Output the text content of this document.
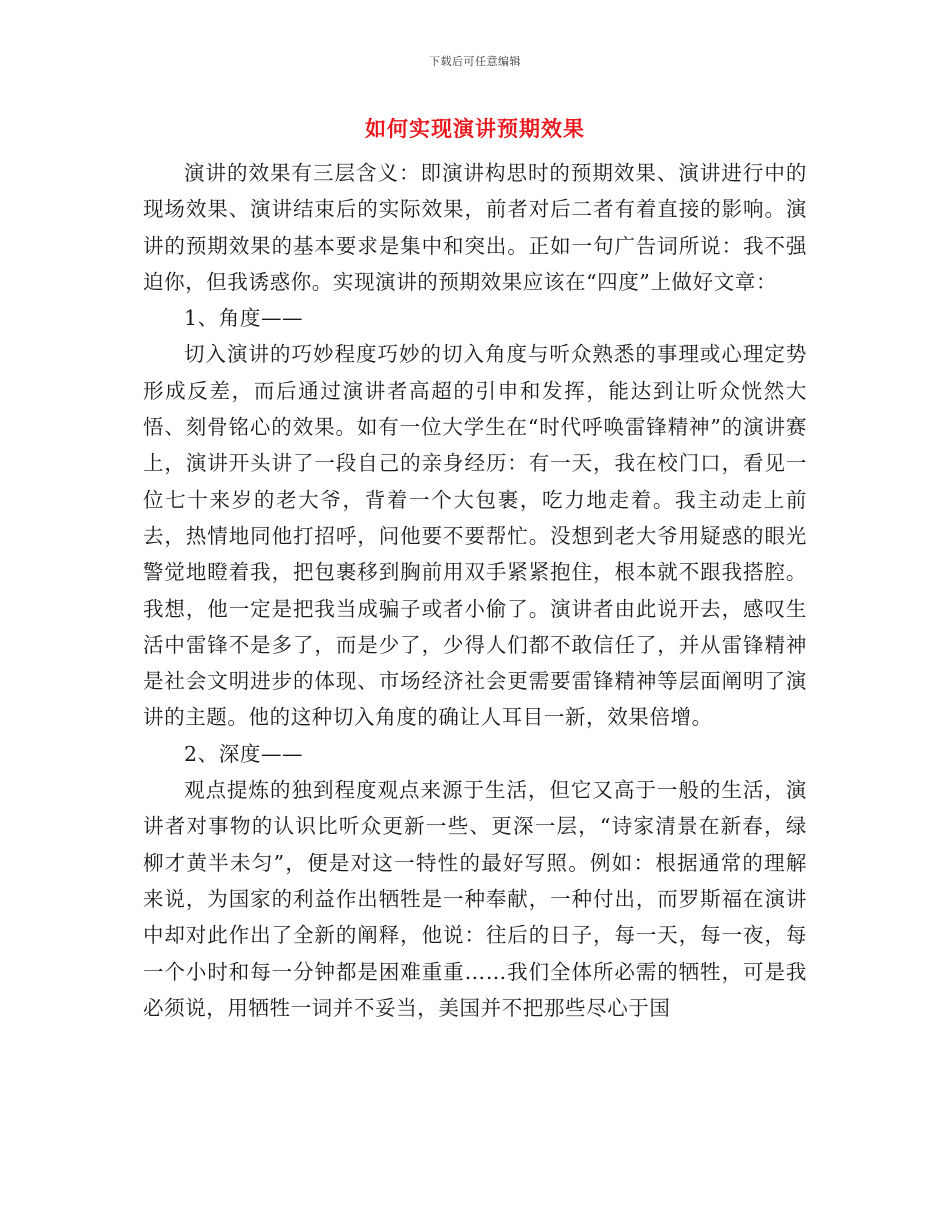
下载后可任意编辑
如何实现演讲预期效果

演讲的效果有三层含义：即演讲构思时的预期效果、演讲进行中的现场效果、演讲结束后的实际效果，前者对后二者有着直接的影响。演讲的预期效果的基本要求是集中和突出。正如一句广告词所说：我不强迫你，但我诱惑你。实现演讲的预期效果应该在“四度”上做好文章：

1、角度——

切入演讲的巧妙程度巧妙的切入角度与听众熟悉的事理或心理定势形成反差，而后通过演讲者高超的引申和发挥，能达到让听众恍然大悟、刻骨铭心的效果。如有一位大学生在“时代呼唤雷锋精神”的演讲赛上，演讲开头讲了一段自己的亲身经历：有一天，我在校门口，看见一位七十来岁的老大爷，背着一个大包裹，吃力地走着。我主动走上前去，热情地同他打招呼，问他要不要帮忙。没想到老大爷用疑惑的眼光警觉地瞪着我，把包裹移到胸前用双手紧紧抱住，根本就不跟我搭腔。我想，他一定是把我当成骗子或者小偷了。演讲者由此说开去，感叹生活中雷锋不是多了，而是少了，少得人们都不敢信任了，并从雷锋精神是社会文明进步的体现、市场经济社会更需要雷锋精神等层面阐明了演讲的主题。他的这种切入角度的确让人耳目一新，效果倍增。

2、深度——

观点提炼的独到程度观点来源于生活，但它又高于一般的生活，演讲者对事物的认识比听众更新一些、更深一层，“诗家清景在新春，绿柳才黄半未匀”，便是对这一特性的最好写照。例如：根据通常的理解来说，为国家的利益作出牺牲是一种奉献，一种付出，而罗斯福在演讲中却对此作出了全新的阐释，他说：往后的日子，每一天，每一夜，每一个小时和每一分钟都是困难重重……我们全体所必需的牺牲，可是我必须说，用牺牲一词并不妥当，美国并不把那些尽心于国
